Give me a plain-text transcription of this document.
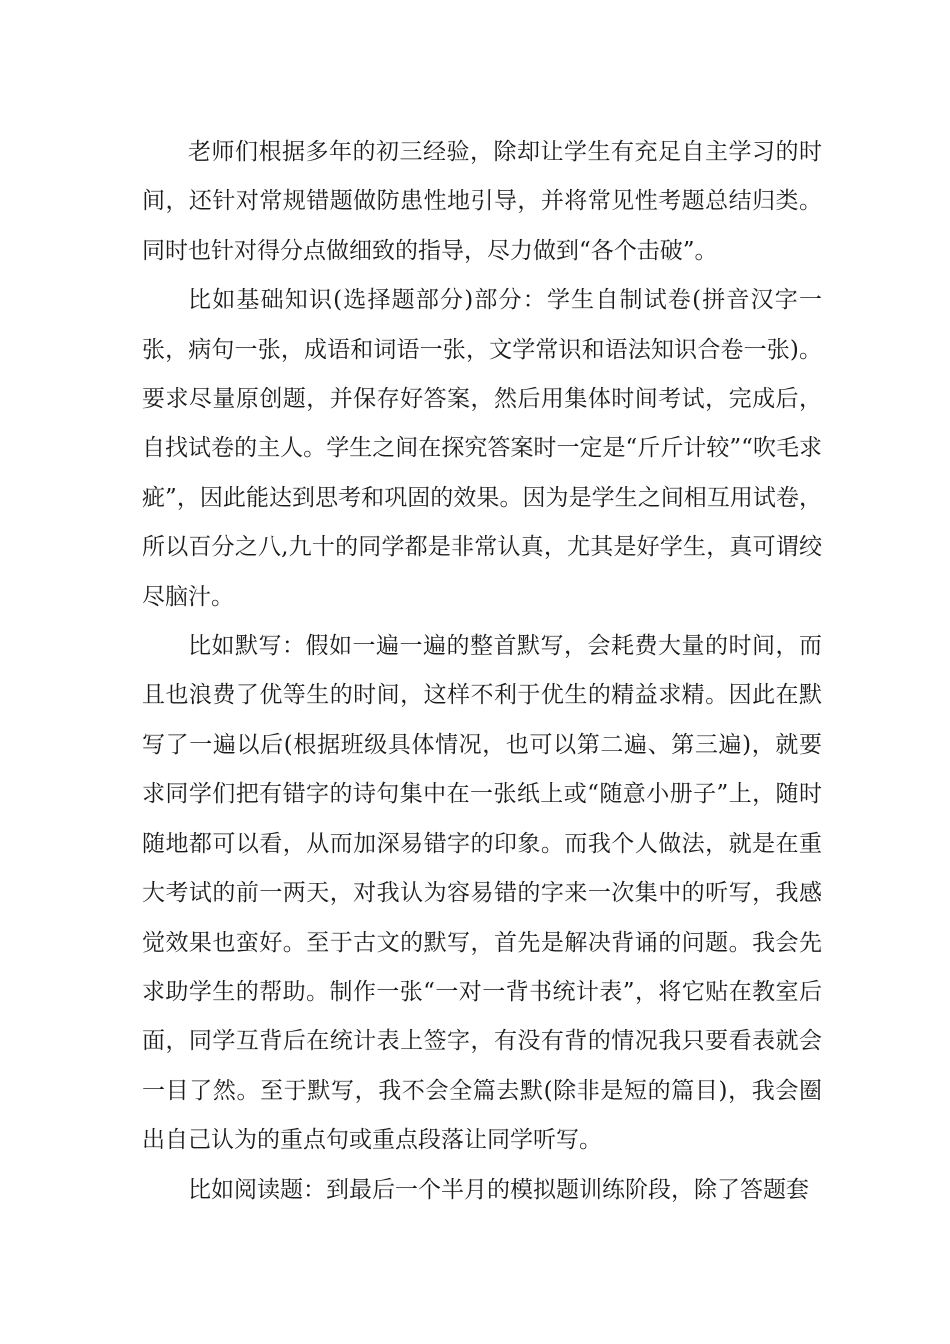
老师们根据多年的初三经验，除却让学生有充足自主学习的时间，还针对常规错题做防患性地引导，并将常见性考题总结归类。同时也针对得分点做细致的指导，尽力做到“各个击破”。

比如基础知识(选择题部分)部分：学生自制试卷(拼音汉字一张，病句一张，成语和词语一张，文学常识和语法知识合卷一张)。要求尽量原创题，并保存好答案，然后用集体时间考试，完成后，自找试卷的主人。学生之间在探究答案时一定是“斤斤计较”“吹毛求疵”，因此能达到思考和巩固的效果。因为是学生之间相互用试卷，所以百分之八,九十的同学都是非常认真，尤其是好学生，真可谓绞尽脑汁。

比如默写：假如一遍一遍的整首默写，会耗费大量的时间，而且也浪费了优等生的时间，这样不利于优生的精益求精。因此在默写了一遍以后(根据班级具体情况，也可以第二遍、第三遍)，就要求同学们把有错字的诗句集中在一张纸上或“随意小册子”上，随时随地都可以看，从而加深易错字的印象。而我个人做法，就是在重大考试的前一两天，对我认为容易错的字来一次集中的听写，我感觉效果也蛮好。至于古文的默写，首先是解决背诵的问题。我会先求助学生的帮助。制作一张“一对一背书统计表”，将它贴在教室后面，同学互背后在统计表上签字，有没有背的情况我只要看表就会一目了然。至于默写，我不会全篇去默(除非是短的篇目)，我会圈出自己认为的重点句或重点段落让同学听写。

比如阅读题：到最后一个半月的模拟题训练阶段，除了答题套
